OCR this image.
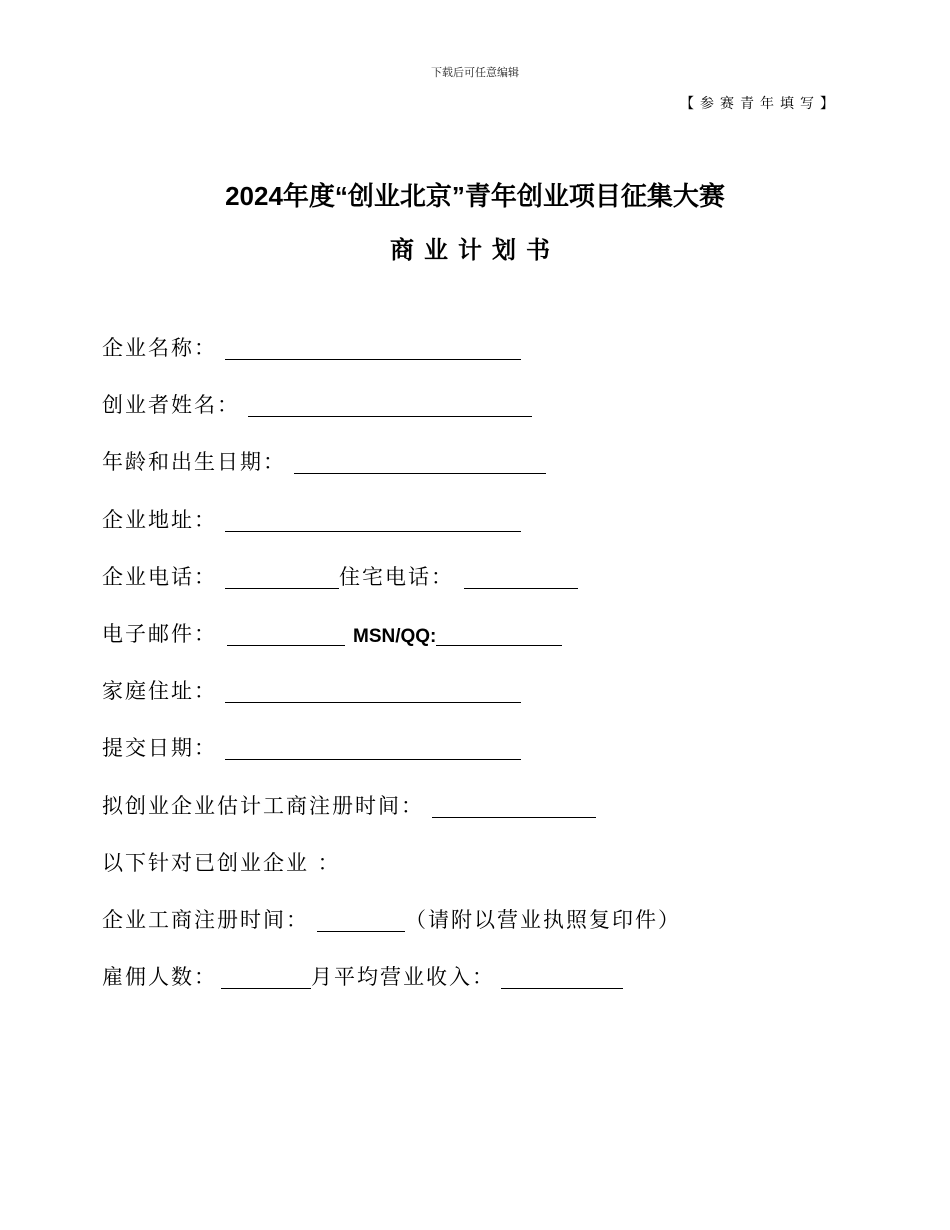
下载后可任意编辑
【参赛青年填写】
2024年度“创业北京”青年创业项目征集大赛
商业计划书
企业名称：
创业者姓名：
年龄和出生日期：
企业地址：
企业电话：	住宅电话：
电子邮件：	MSN/QQ:
家庭住址：
提交日期：
拟创业企业估计工商注册时间：
以下针对已创业企业 ：
企业工商注册时间：	（请附以营业执照复印件）
雇佣人数：	月平均营业收入：
